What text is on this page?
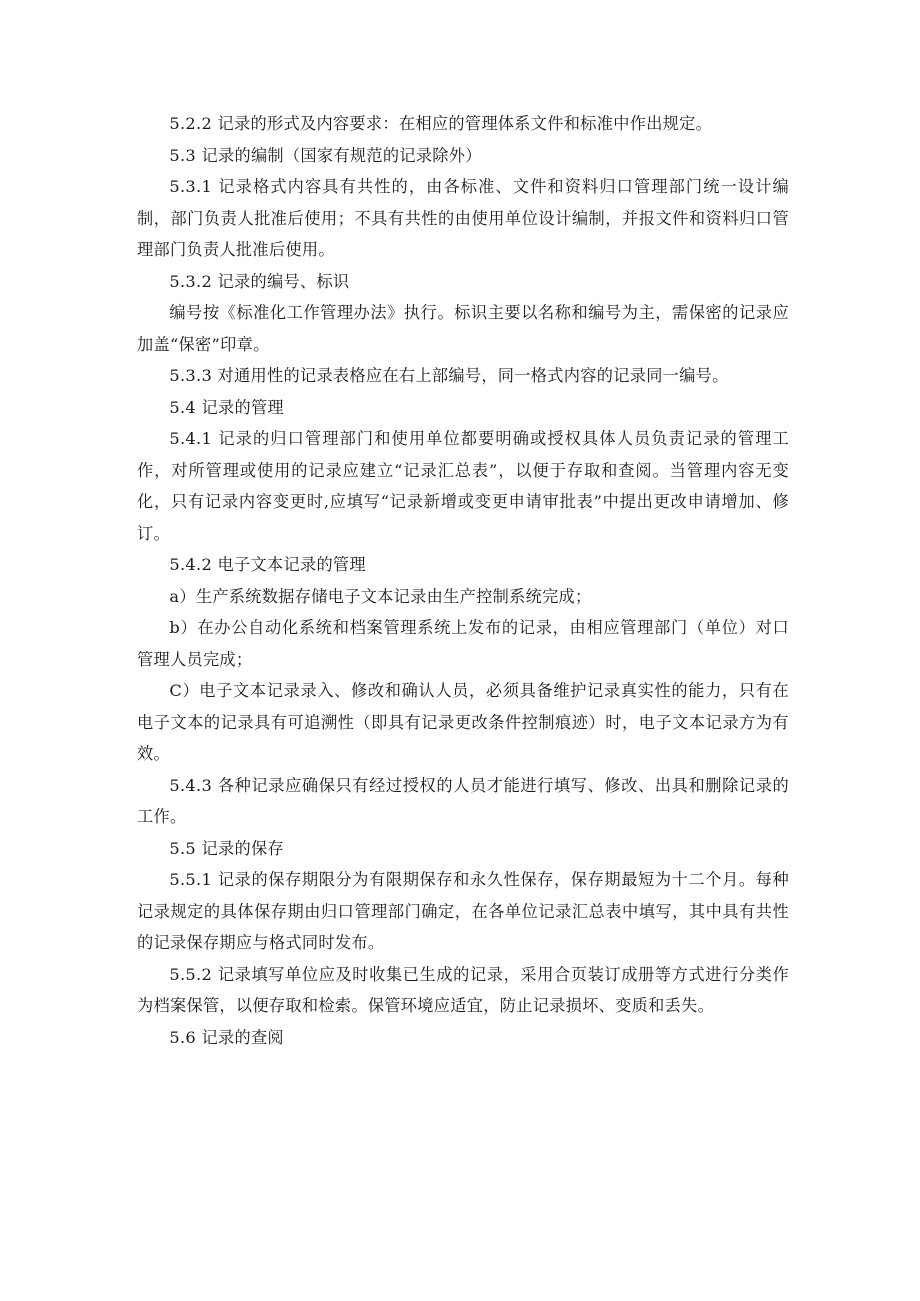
5.2.2 记录的形式及内容要求：在相应的管理体系文件和标准中作出规定。

5.3 记录的编制（国家有规范的记录除外）

5.3.1 记录格式内容具有共性的，由各标准、文件和资料归口管理部门统一设计编制，部门负责人批准后使用；不具有共性的由使用单位设计编制，并报文件和资料归口管理部门负责人批准后使用。

5.3.2 记录的编号、标识

编号按《标准化工作管理办法》执行。标识主要以名称和编号为主，需保密的记录应加盖“保密”印章。

5.3.3 对通用性的记录表格应在右上部编号，同一格式内容的记录同一编号。

5.4 记录的管理

5.4.1 记录的归口管理部门和使用单位都要明确或授权具体人员负责记录的管理工作，对所管理或使用的记录应建立“记录汇总表”，以便于存取和查阅。当管理内容无变化，只有记录内容变更时,应填写“记录新增或变更申请审批表”中提出更改申请增加、修订。

5.4.2 电子文本记录的管理

a）生产系统数据存储电子文本记录由生产控制系统完成；

b）在办公自动化系统和档案管理系统上发布的记录，由相应管理部门（单位）对口管理人员完成；

C）电子文本记录录入、修改和确认人员，必须具备维护记录真实性的能力，只有在电子文本的记录具有可追溯性（即具有记录更改条件控制痕迹）时，电子文本记录方为有效。

5.4.3 各种记录应确保只有经过授权的人员才能进行填写、修改、出具和删除记录的工作。

5.5 记录的保存

5.5.1 记录的保存期限分为有限期保存和永久性保存，保存期最短为十二个月。每种记录规定的具体保存期由归口管理部门确定，在各单位记录汇总表中填写，其中具有共性的记录保存期应与格式同时发布。

5.5.2 记录填写单位应及时收集已生成的记录，采用合页装订成册等方式进行分类作为档案保管，以便存取和检索。保管环境应适宜，防止记录损坏、变质和丢失。

5.6 记录的查阅
